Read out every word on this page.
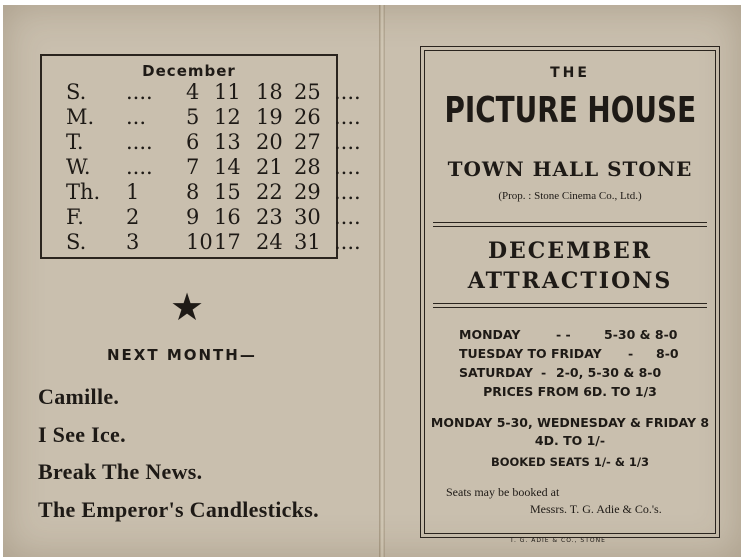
December
S. .... 4 11 18 25 ....
M. ... 5 12 19 26 ....
T. .... 6 13 20 27 ....
W. .... 7 14 21 28 ....
Th. 1 8 15 22 29 ....
F. 2 9 16 23 30 ....
S. 3 10 17 24 31 ....
★
NEXT MONTH—
Camille.
I See Ice.
Break The News.
The Emperor's Candlesticks.
THE
PICTURE HOUSE
TOWN HALL STONE
(Prop. : Stone Cinema Co., Ltd.)
DECEMBER
ATTRACTIONS
MONDAY	- -	5-30 & 8-0
TUESDAY TO FRIDAY - 8-0
SATURDAY - 2-0, 5-30 & 8-0
PRICES FROM 6D. TO 1/3
MONDAY 5-30, WEDNESDAY & FRIDAY 8
4D. TO 1/-
BOOKED SEATS 1/- & 1/3
Seats may be booked at
Messrs. T. G. Adie & Co.'s.
T. G. ADIE & CO., STONE
